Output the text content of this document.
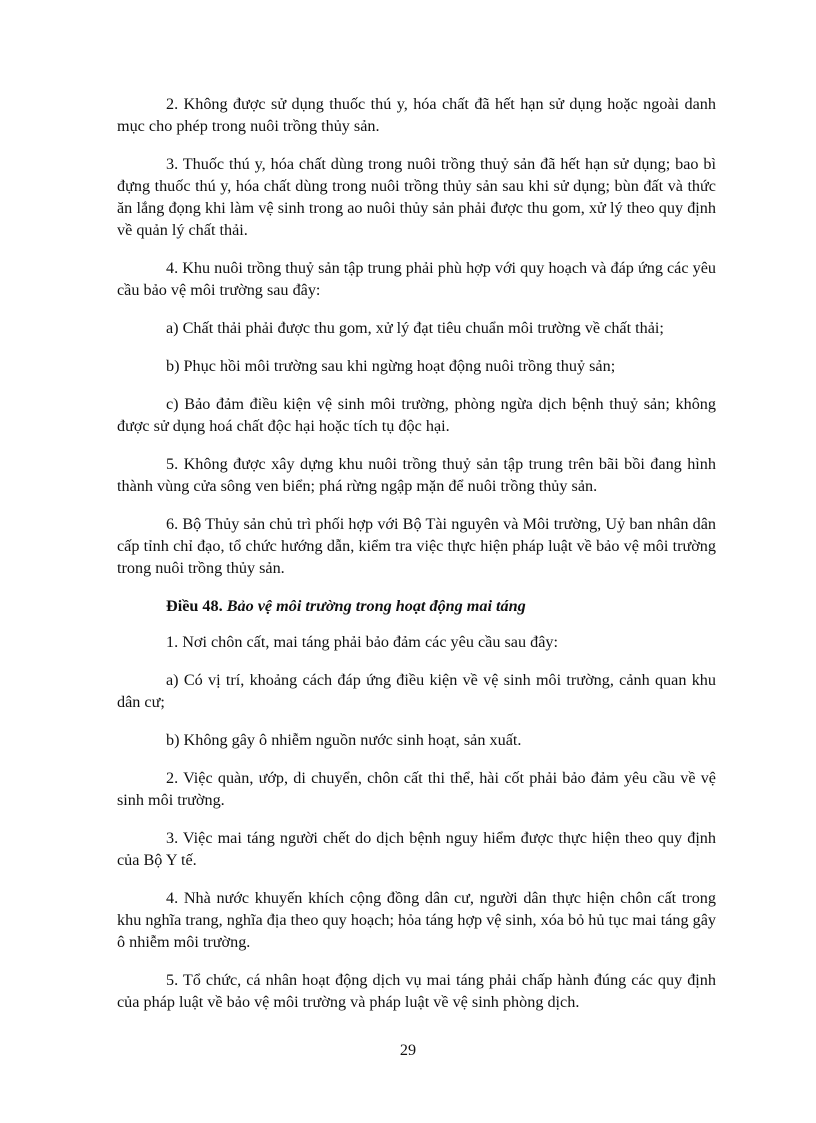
2. Không được sử dụng thuốc thú y, hóa chất đã hết hạn sử dụng hoặc ngoài danh mục cho phép trong nuôi trồng thủy sản.

3. Thuốc thú y, hóa chất dùng trong nuôi trồng thuỷ sản đã hết hạn sử dụng; bao bì đựng thuốc thú y, hóa chất dùng trong nuôi trồng thủy sản sau khi sử dụng; bùn đất và thức ăn lắng đọng khi làm vệ sinh trong ao nuôi thủy sản phải được thu gom, xử lý theo quy định về quản lý chất thải.

4. Khu nuôi trồng thuỷ sản tập trung phải phù hợp với quy hoạch và đáp ứng các yêu cầu bảo vệ môi trường sau đây:

a) Chất thải phải được thu gom, xử lý đạt tiêu chuẩn môi trường về chất thải;

b) Phục hồi môi trường sau khi ngừng hoạt động nuôi trồng thuỷ sản;

c) Bảo đảm điều kiện vệ sinh môi trường, phòng ngừa dịch bệnh thuỷ sản; không được sử dụng hoá chất độc hại hoặc tích tụ độc hại.

5. Không được xây dựng khu nuôi trồng thuỷ sản tập trung trên bãi bồi đang hình thành vùng cửa sông ven biển; phá rừng ngập mặn để nuôi trồng thủy sản.

6. Bộ Thủy sản chủ trì phối hợp với Bộ Tài nguyên và Môi trường, Uỷ ban nhân dân cấp tỉnh chỉ đạo, tổ chức hướng dẫn, kiểm tra việc thực hiện pháp luật về bảo vệ môi trường trong nuôi trồng thủy sản.

Điều 48. Bảo vệ môi trường trong hoạt động mai táng

1. Nơi chôn cất, mai táng phải bảo đảm các yêu cầu sau đây:

a) Có vị trí, khoảng cách đáp ứng điều kiện về vệ sinh môi trường, cảnh quan khu dân cư;

b) Không gây ô nhiễm nguồn nước sinh hoạt, sản xuất.

2. Việc quàn, ướp, di chuyển, chôn cất thi thể, hài cốt phải bảo đảm yêu cầu về vệ sinh môi trường.

3. Việc mai táng người chết do dịch bệnh nguy hiểm được thực hiện theo quy định của Bộ Y tế.

4. Nhà nước khuyến khích cộng đồng dân cư, người dân thực hiện chôn cất trong khu nghĩa trang, nghĩa địa theo quy hoạch; hỏa táng hợp vệ sinh, xóa bỏ hủ tục mai táng gây ô nhiễm môi trường.

5. Tổ chức, cá nhân hoạt động dịch vụ mai táng phải chấp hành đúng các quy định của pháp luật về bảo vệ môi trường và pháp luật về vệ sinh phòng dịch.

29
